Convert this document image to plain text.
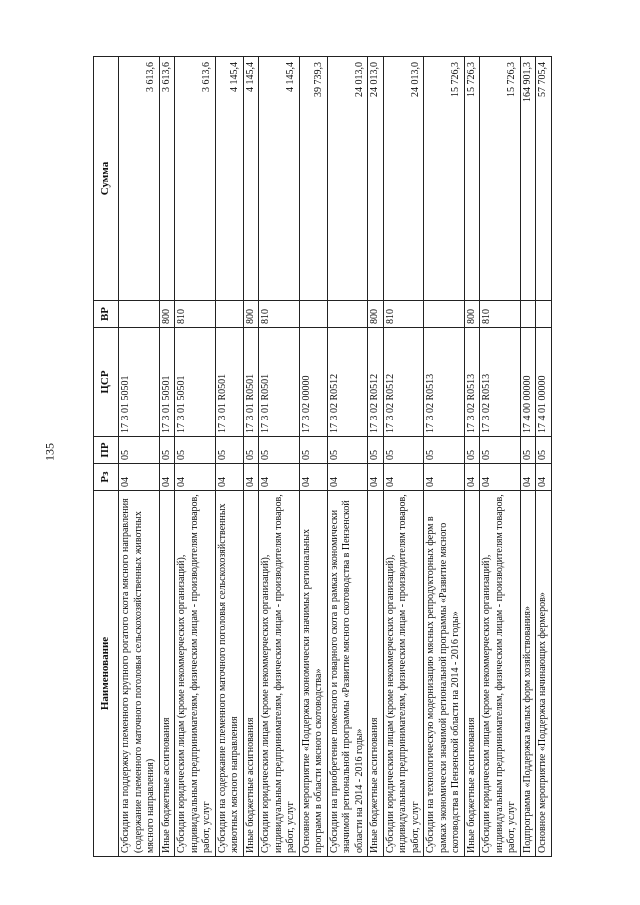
135
Наименование	Рз	ПР	ЦСР	ВР	Сумма
Субсидии на поддержку племенного крупного рогатого скота мясного направления (содержание племенного маточного поголовья сельскохозяйственных животных мясного направления)	04	05	17 3 01 50501		3 613,6
Иные бюджетные ассигнования	04	05	17 3 01 50501	800	3 613,6
Субсидии юридическим лицам (кроме некоммерческих организаций), индивидуальным предпринимателям, физическим лицам - производителям товаров, работ, услуг	04	05	17 3 01 50501	810	3 613,6
Субсидии на содержание племенного маточного поголовья сельскохозяйственных животных мясного направления	04	05	17 3 01 R0501		4 145,4
Иные бюджетные ассигнования	04	05	17 3 01 R0501	800	4 145,4
Субсидии юридическим лицам (кроме некоммерческих организаций), индивидуальным предпринимателям, физическим лицам - производителям товаров, работ, услуг	04	05	17 3 01 R0501	810	4 145,4
Основное мероприятие «Поддержка экономически значимых региональных программ в области мясного скотоводства»	04	05	17 3 02 00000		39 739,3
Субсидии на приобретение помесного и товарного скота в рамках экономически значимой региональной программы «Развитие мясного скотоводства в Пензенской области на 2014 - 2016 годы»	04	05	17 3 02 R0512		24 013,0
Иные бюджетные ассигнования	04	05	17 3 02 R0512	800	24 013,0
Субсидии юридическим лицам (кроме некоммерческих организаций), индивидуальным предпринимателям, физическим лицам - производителям товаров, работ, услуг	04	05	17 3 02 R0512	810	24 013,0
Субсидии на технологическую модернизацию мясных репродукторных ферм в рамках экономически значимой региональной программы «Развитие мясного скотоводства в Пензенской области на 2014 - 2016 годы»	04	05	17 3 02 R0513		15 726,3
Иные бюджетные ассигнования	04	05	17 3 02 R0513	800	15 726,3
Субсидии юридическим лицам (кроме некоммерческих организаций), индивидуальным предпринимателям, физическим лицам - производителям товаров, работ, услуг	04	05	17 3 02 R0513	810	15 726,3
Подпрограмма «Поддержка малых форм хозяйствования»	04	05	17 4 00 00000		164 901,3
Основное мероприятие «Поддержка начинающих фермеров»	04	05	17 4 01 00000		57 705,4
